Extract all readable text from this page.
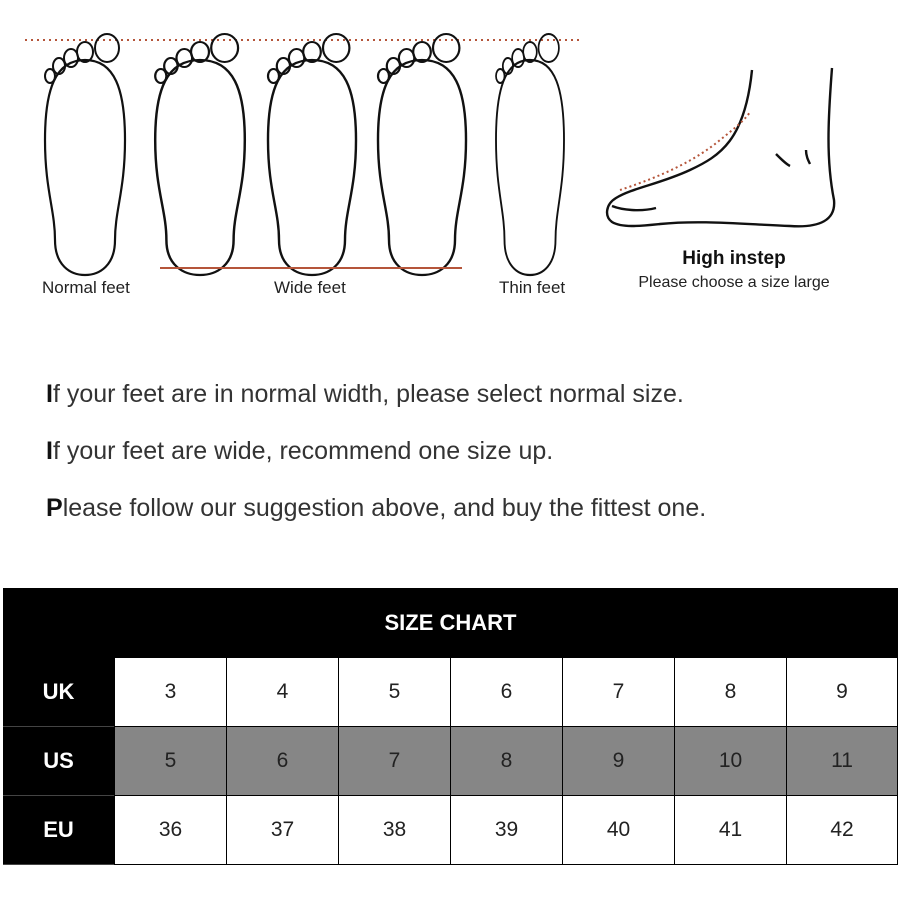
Normal feet	Wide feet	Thin feet
High instep
Please choose a size large
If your feet are in normal width, please select normal size.
If your feet are wide, recommend one size up.
Please follow our suggestion above, and buy the fittest one.
SIZE CHART
UK	3	4	5	6	7	8	9
US	5	6	7	8	9	10	11
EU	36	37	38	39	40	41	42
